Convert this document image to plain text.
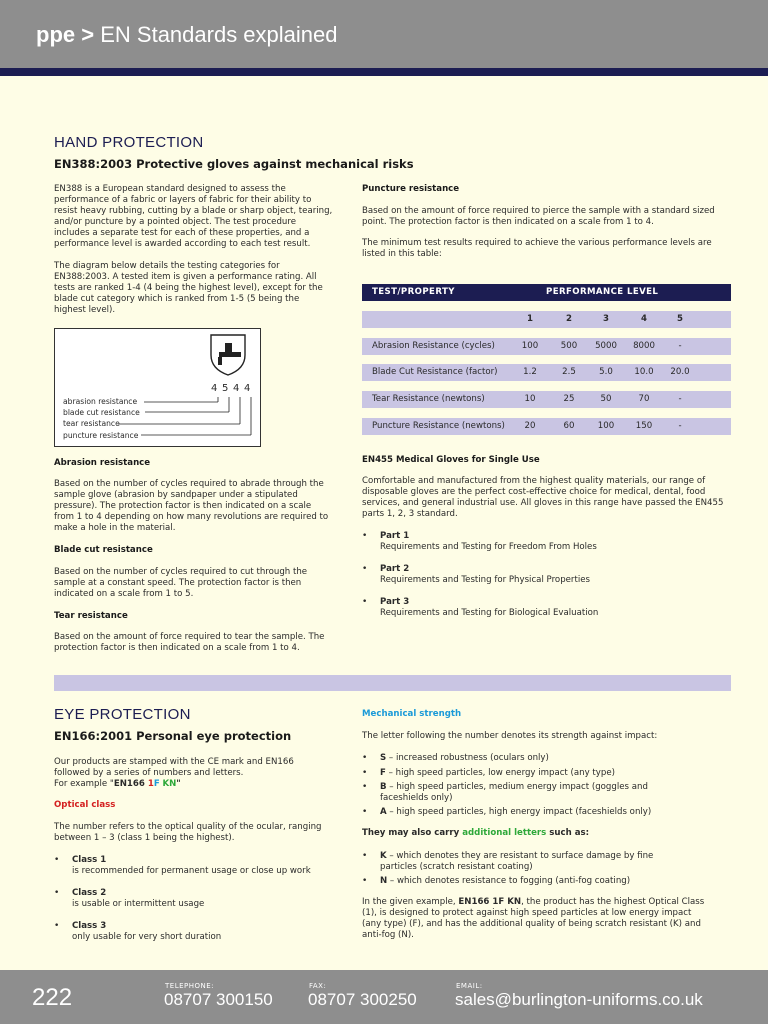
ppe > EN Standards explained
HAND PROTECTION
EN388:2003 Protective gloves against mechanical risks
EN388 is a European standard designed to assess the
performance of a fabric or layers of fabric for their ability to
resist heavy rubbing, cutting by a blade or sharp object, tearing,
and/or puncture by a pointed object. The test procedure
includes a separate test for each of these properties, and a
performance level is awarded according to each test result.
The diagram below details the testing categories for
EN388:2003. A tested item is given a performance rating. All
tests are ranked 1-4 (4 being the highest level), except for the
blade cut category which is ranked from 1-5 (5 being the
highest level).
4 5 4 4
abrasion resistance
blade cut resistance
tear resistance
puncture resistance
Abrasion resistance
Based on the number of cycles required to abrade through the
sample glove (abrasion by sandpaper under a stipulated
pressure). The protection factor is then indicated on a scale
from 1 to 4 depending on how many revolutions are required to
make a hole in the material.
Blade cut resistance
Based on the number of cycles required to cut through the
sample at a constant speed. The protection factor is then
indicated on a scale from 1 to 5.
Tear resistance
Based on the amount of force required to tear the sample. The
protection factor is then indicated on a scale from 1 to 4.
Puncture resistance
Based on the amount of force required to pierce the sample with a standard sized
point. The protection factor is then indicated on a scale from 1 to 4.
The minimum test results required to achieve the various performance levels are
listed in this table:
TEST/PROPERTY	PERFORMANCE LEVEL
1	2	3	4	5
Abrasion Resistance (cycles)	100	500	5000	8000	-
Blade Cut Resistance (factor)	1.2	2.5	5.0	10.0	20.0
Tear Resistance (newtons)	10	25	50	70	-
Puncture Resistance (newtons)	20	60	100	150	-
EN455 Medical Gloves for Single Use
Comfortable and manufactured from the highest quality materials, our range of
disposable gloves are the perfect cost-effective choice for medical, dental, food
services, and general industrial use. All gloves in this range have passed the EN455
parts 1, 2, 3 standard.
• Part 1
Requirements and Testing for Freedom From Holes
• Part 2
Requirements and Testing for Physical Properties
• Part 3
Requirements and Testing for Biological Evaluation
EYE PROTECTION
EN166:2001 Personal eye protection
Our products are stamped with the CE mark and EN166
followed by a series of numbers and letters.
For example "EN166 1F KN"
Optical class
The number refers to the optical quality of the ocular, ranging
between 1 – 3 (class 1 being the highest).
• Class 1
is recommended for permanent usage or close up work
• Class 2
is usable or intermittent usage
• Class 3
only usable for very short duration
Mechanical strength
The letter following the number denotes its strength against impact:
• S – increased robustness (oculars only)
• F – high speed particles, low energy impact (any type)
• B – high speed particles, medium energy impact (goggles and
faceshields only)
• A – high speed particles, high energy impact (faceshields only)
They may also carry additional letters such as:
• K – which denotes they are resistant to surface damage by fine
particles (scratch resistant coating)
• N – which denotes resistance to fogging (anti-fog coating)
In the given example, EN166 1F KN, the product has the highest Optical Class
(1), is designed to protect against high speed particles at low energy impact
(any type) (F), and has the additional quality of being scratch resistant (K) and
anti-fog (N).
222	TELEPHONE:
08707 300150
FAX:
08707 300250
EMAIL:
sales@burlington-uniforms.co.uk
